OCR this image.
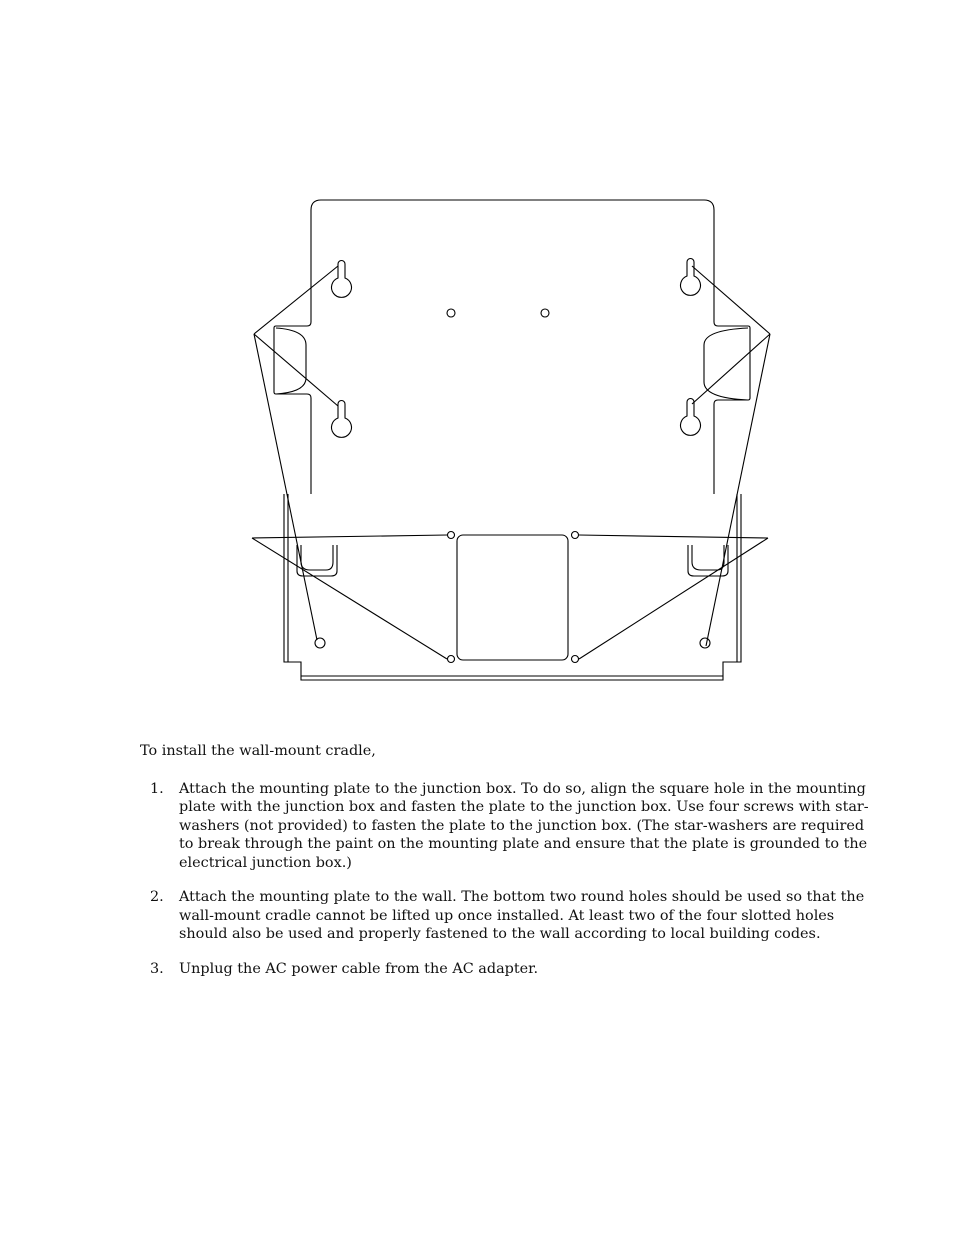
To install the wall-mount cradle,

1. Attach the mounting plate to the junction box. To do so, align the square hole in the mounting plate with the junction box and fasten the plate to the junction box. Use four screws with star-washers (not provided) to fasten the plate to the junction box. (The star-washers are required to break through the paint on the mounting plate and ensure that the plate is grounded to the electrical junction box.)
2. Attach the mounting plate to the wall. The bottom two round holes should be used so that the wall-mount cradle cannot be lifted up once installed. At least two of the four slotted holes should also be used and properly fastened to the wall according to local building codes.
3. Unplug the AC power cable from the AC adapter.
